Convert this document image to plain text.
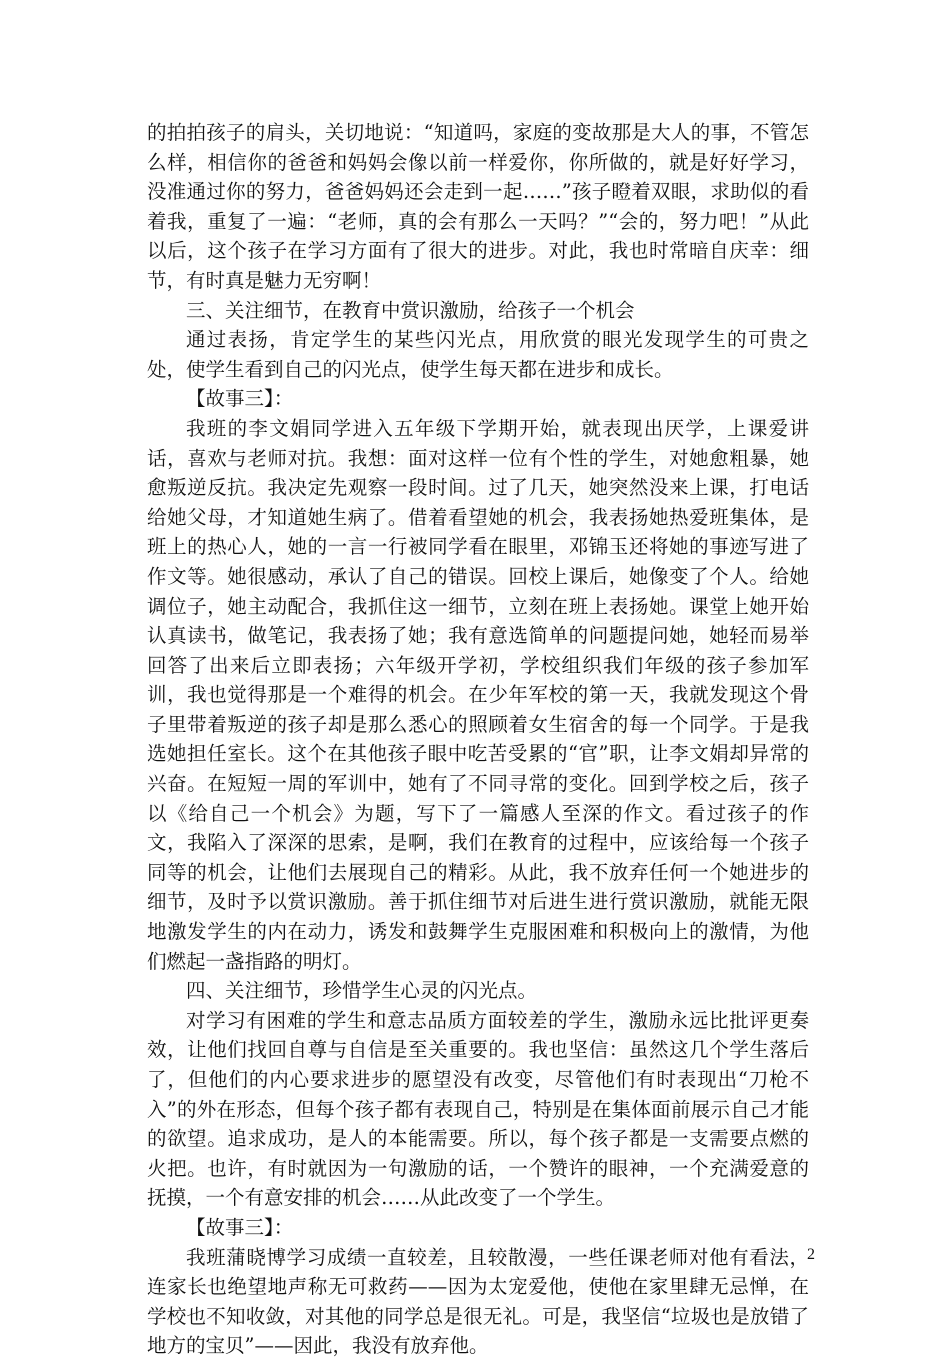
的拍拍孩子的肩头，关切地说：“知道吗，家庭的变故那是大人的事，不管怎么样，相信你的爸爸和妈妈会像以前一样爱你，你所做的，就是好好学习，没准通过你的努力，爸爸妈妈还会走到一起……”孩子瞪着双眼，求助似的看着我，重复了一遍：“老师，真的会有那么一天吗？”“会的，努力吧！”从此以后，这个孩子在学习方面有了很大的进步。对此，我也时常暗自庆幸：细节，有时真是魅力无穷啊！

三、关注细节，在教育中赏识激励，给孩子一个机会

通过表扬，肯定学生的某些闪光点，用欣赏的眼光发现学生的可贵之处，使学生看到自己的闪光点，使学生每天都在进步和成长。

【故事三】：

我班的李文娟同学进入五年级下学期开始，就表现出厌学，上课爱讲话，喜欢与老师对抗。我想：面对这样一位有个性的学生，对她愈粗暴，她愈叛逆反抗。我决定先观察一段时间。过了几天，她突然没来上课，打电话给她父母，才知道她生病了。借着看望她的机会，我表扬她热爱班集体，是班上的热心人，她的一言一行被同学看在眼里，邓锦玉还将她的事迹写进了作文等。她很感动，承认了自己的错误。回校上课后，她像变了个人。给她调位子，她主动配合，我抓住这一细节，立刻在班上表扬她。课堂上她开始认真读书，做笔记，我表扬了她；我有意选简单的问题提问她，她轻而易举回答了出来后立即表扬；六年级开学初，学校组织我们年级的孩子参加军训，我也觉得那是一个难得的机会。在少年军校的第一天，我就发现这个骨子里带着叛逆的孩子却是那么悉心的照顾着女生宿舍的每一个同学。于是我选她担任室长。这个在其他孩子眼中吃苦受累的“官”职，让李文娟却异常的兴奋。在短短一周的军训中，她有了不同寻常的变化。回到学校之后，孩子以《给自己一个机会》为题，写下了一篇感人至深的作文。看过孩子的作文，我陷入了深深的思索，是啊，我们在教育的过程中，应该给每一个孩子同等的机会，让他们去展现自己的精彩。从此，我不放弃任何一个她进步的细节，及时予以赏识激励。善于抓住细节对后进生进行赏识激励，就能无限地激发学生的内在动力，诱发和鼓舞学生克服困难和积极向上的激情，为他们燃起一盏指路的明灯。

四、关注细节，珍惜学生心灵的闪光点。

对学习有困难的学生和意志品质方面较差的学生，激励永远比批评更奏效，让他们找回自尊与自信是至关重要的。我也坚信：虽然这几个学生落后了，但他们的内心要求进步的愿望没有改变，尽管他们有时表现出“刀枪不入”的外在形态，但每个孩子都有表现自己，特别是在集体面前展示自己才能的欲望。追求成功，是人的本能需要。所以，每个孩子都是一支需要点燃的火把。也许，有时就因为一句激励的话，一个赞许的眼神，一个充满爱意的抚摸，一个有意安排的机会……从此改变了一个学生。

【故事三】：

我班蒲晓博学习成绩一直较差，且较散漫，一些任课老师对他有看法，连家长也绝望地声称无可救药——因为太宠爱他，使他在家里肆无忌惮，在学校也不知收敛，对其他的同学总是很无礼。可是，我坚信“垃圾也是放错了地方的宝贝”——因此，我没有放弃他。

2
